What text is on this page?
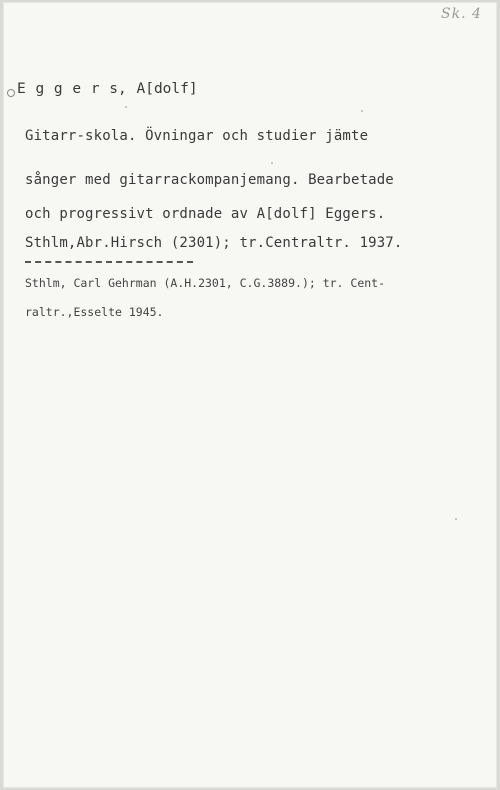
Sk. 4
E g g e r s, A[dolf]
Gitarr-skola. Övningar och studier jämte
sånger med gitarrackompanjemang. Bearbetade
och progressivt ordnade av A[dolf] Eggers.
Sthlm,Abr.Hirsch (2301); tr.Centraltr. 1937.
Sthlm, Carl Gehrman (A.H.2301, C.G.3889.); tr. Cent-
raltr.,Esselte 1945.
